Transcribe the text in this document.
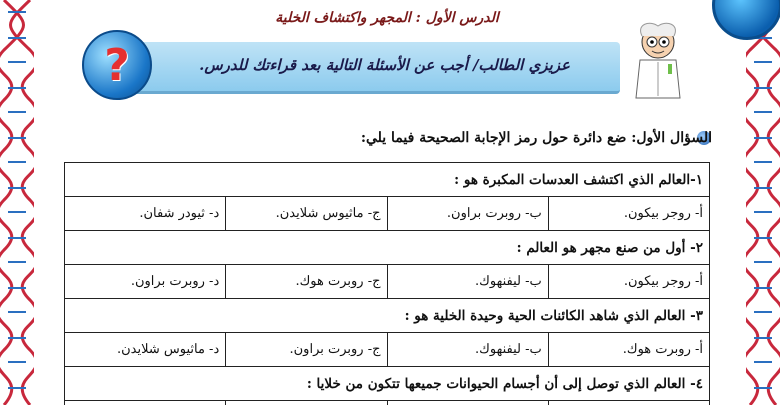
الدرس الأول : المجهر واكتشاف الخلية
?	عزيزي الطالب/ أجب عن الأسئلة التالية بعد قراءتك للدرس.
السؤال الأول: ضع دائرة حول رمز الإجابة الصحيحة فيما يلي:
١-العالم الذي اكتشف العدسات المكبرة هو :			
أ- روجر بيكون.	ب- روبرت براون.	ج- ماثيوس شلايدن.	د- ثيودر شفان.
٢- أول من صنع مجهر هو العالم :			
أ- روجر بيكون.	ب- ليفنهوك.	ج- روبرت هوك.	د- روبرت براون.
٣- العالم الذي شاهد الكائنات الحية وحيدة الخلية هو :			
أ- روبرت هوك.	ب- ليفنهوك.	ج- روبرت براون.	د- ماثيوس شلايدن.
٤- العالم الذي توصل إلى أن أجسام الحيوانات جميعها تتكون من خلايا :			
